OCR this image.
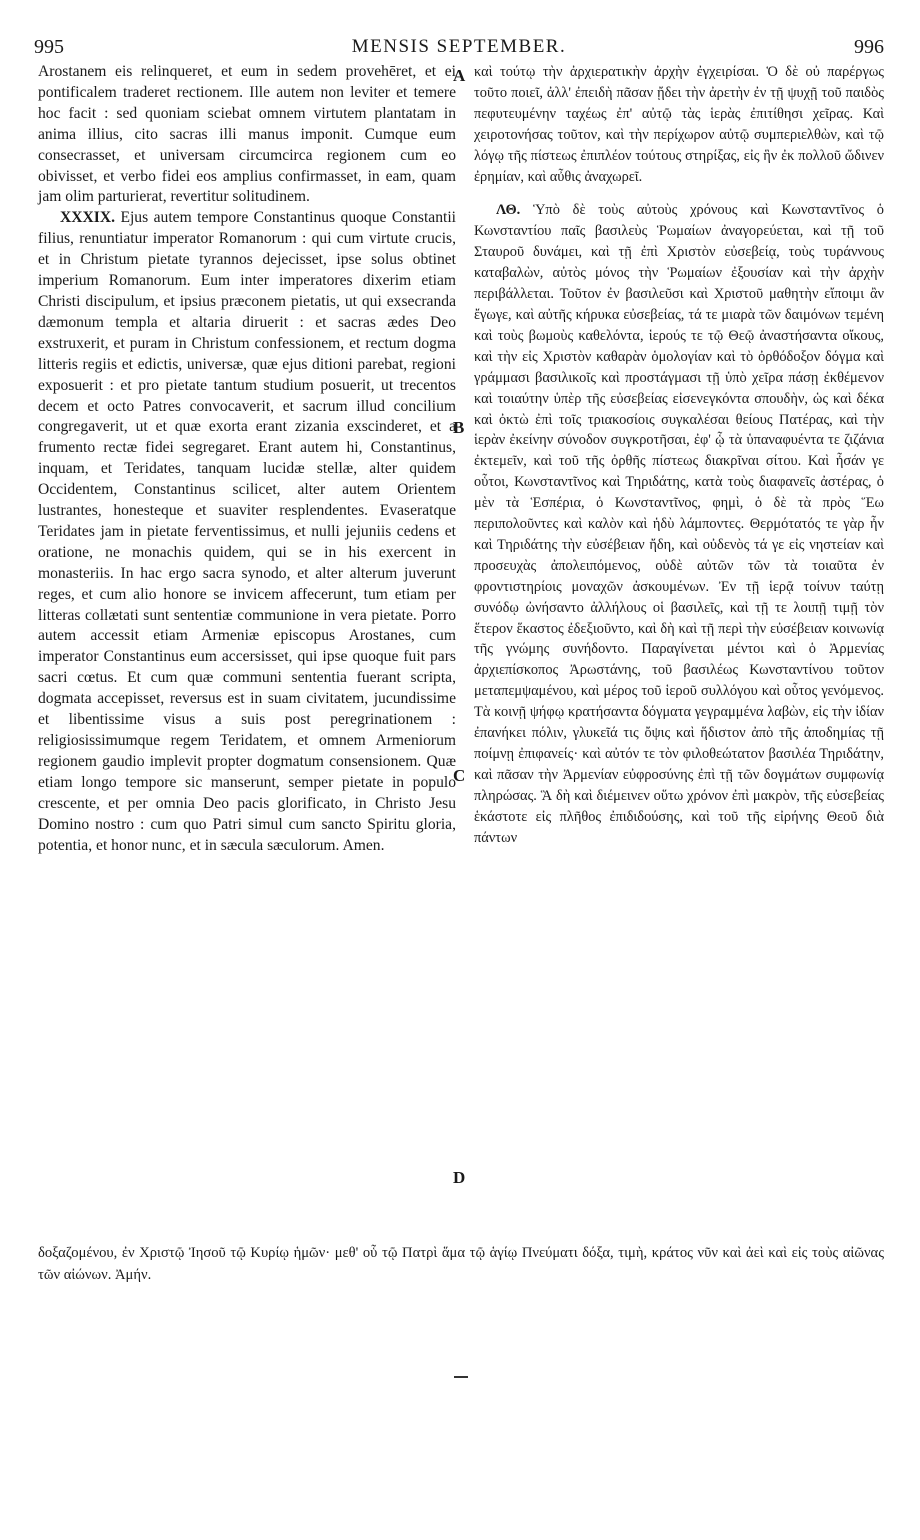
995	MENSIS SEPTEMBER.	996

Arostanem eis relinqueret, et eum in sedem provehēret, et ei pontificalem traderet rectionem. Ille autem non leviter et temere hoc facit : sed quoniam sciebat omnem virtutem plantatam in anima illius, cito sacras illi manus imponit. Cumque eum consecrasset, et universam circumcirca regionem cum eo obivisset, et verbo fidei eos amplius confirmasset, in eam, quam jam olim parturierat, revertitur solitudinem.

XXXIX. Ejus autem tempore Constantinus quoque Constantii filius, renuntiatur imperator Romanorum : qui cum virtute crucis, et in Christum pietate tyrannos dejecisset, ipse solus obtinet imperium Romanorum. Eum inter imperatores dixerim etiam Christi discipulum, et ipsius præconem pietatis, ut qui exsecranda dæmonum templa et altaria diruerit : et sacras ædes Deo exstruxerit, et puram in Christum confessionem, et rectum dogma litteris regiis et edictis, universæ, quæ ejus ditioni parebat, regioni exposuerit : et pro pietate tantum studium posuerit, ut trecentos decem et octo Patres convocaverit, et sacrum illud concilium congregaverit, ut et quæ exorta erant zizania exscinderet, et a frumento rectæ fidei segregaret. Erant autem hi, Constantinus, inquam, et Teridates, tanquam lucidæ stellæ, alter quidem Occidentem, Constantinus scilicet, alter autem Orientem lustrantes, honesteque et suaviter resplendentes. Evaseratque Teridates jam in pietate ferventissimus, et nulli jejuniis cedens et oratione, ne monachis quidem, qui se in his exercent in monasteriis. In hac ergo sacra synodo, et alter alterum juverunt reges, et cum alio honore se invicem affecerunt, tum etiam per litteras collætati sunt sententiæ communione in vera pietate. Porro autem accessit etiam Armeniæ episcopus Arostanes, cum imperator Constantinus eum accersisset, qui ipse quoque fuit pars sacri cœtus. Et cum quæ communi sententia fuerant scripta, dogmata accepisset, reversus est in suam civitatem, jucundissime et libentissime visus a suis post peregrinationem : religiosissimumque regem Teridatem, et omnem Armeniorum regionem gaudio implevit propter dogmatum consensionem. Quæ etiam longo tempore sic manserunt, semper pietate in populo crescente, et per omnia Deo pacis glorificato, in Christo Jesu Domino nostro : cum quo Patri simul cum sancto Spiritu gloria, potentia, et honor nunc, et in sæcula sæculorum. Amen.

A
B
C
D

καὶ τούτῳ τὴν ἀρχιερατικὴν ἀρχὴν ἐγχειρίσαι. Ὁ δὲ οὐ παρέργως τοῦτο ποιεῖ, ἀλλ' ἐπειδὴ πᾶσαν ᾔδει τὴν ἀρετὴν ἐν τῇ ψυχῇ τοῦ παιδὸς πεφυτευμένην ταχέως ἐπ' αὐτῷ τὰς ἱερὰς ἐπιτίθησι χεῖρας. Καὶ χειροτονήσας τοῦτον, καὶ τὴν περίχωρον αὐτῷ συμπεριελθὼν, καὶ τῷ λόγῳ τῆς πίστεως ἐπιπλέον τούτους στηρίξας, εἰς ἣν ἐκ πολλοῦ ὤδινεν ἐρημίαν, καὶ αὖθις ἀναχωρεῖ.

ΛΘ. Ὑπὸ δὲ τοὺς αὐτοὺς χρόνους καὶ Κωνσταντῖνος ὁ Κωνσταντίου παῖς βασιλεὺς Ῥωμαίων ἀναγορεύεται, καὶ τῇ τοῦ Σταυροῦ δυνάμει, καὶ τῇ ἐπὶ Χριστὸν εὐσεβείᾳ, τοὺς τυράννους καταβαλὼν, αὐτὸς μόνος τὴν Ῥωμαίων ἐξουσίαν καὶ τὴν ἀρχὴν περιβάλλεται. Τοῦτον ἐν βασιλεῦσι καὶ Χριστοῦ μαθητὴν εἴποιμι ἂν ἔγωγε, καὶ αὐτῆς κήρυκα εὐσεβείας, τά τε μιαρὰ τῶν δαιμόνων τεμένη καὶ τοὺς βωμοὺς καθελόντα, ἱερούς τε τῷ Θεῷ ἀναστήσαντα οἴκους, καὶ τὴν εἰς Χριστὸν καθαρὰν ὁμολογίαν καὶ τὸ ὀρθόδοξον δόγμα καὶ γράμμασι βασιλικοῖς καὶ προστάγμασι τῇ ὑπὸ χεῖρα πάσῃ ἐκθέμενον καὶ τοιαύτην ὑπὲρ τῆς εὐσεβείας εἰσενεγκόντα σπουδὴν, ὡς καὶ δέκα καὶ ὀκτὼ ἐπὶ τοῖς τριακοσίοις συγκαλέσαι θείους Πατέρας, καὶ τὴν ἱερὰν ἐκείνην σύνοδον συγκροτῆσαι, ἐφ' ᾧ τὰ ὑπαναφυέντα τε ζιζάνια ἐκτεμεῖν, καὶ τοῦ τῆς ὀρθῆς πίστεως διακρῖναι σίτου. Καὶ ἦσάν γε οὗτοι, Κωνσταντῖνος καὶ Τηριδάτης, κατὰ τοὺς διαφανεῖς ἀστέρας, ὁ μὲν τὰ Ἑσπέρια, ὁ Κωνσταντῖνος, φημὶ, ὁ δὲ τὰ πρὸς Ἕω περιπολοῦντες καὶ καλὸν καὶ ἡδὺ λάμποντες. Θερμότατός τε γὰρ ἦν καὶ Τηριδάτης τὴν εὐσέβειαν ἤδη, καὶ οὐδενὸς τά γε εἰς νηστείαν καὶ προσευχὰς ἀπολειπόμενος, οὐδὲ αὐτῶν τῶν τὰ τοιαῦτα ἐν φροντιστηρίοις μοναχῶν ἀσκουμένων. Ἐν τῇ ἱερᾷ τοίνυν ταύτῃ συνόδῳ ὠνήσαντο ἀλλήλους οἱ βασιλεῖς, καὶ τῇ τε λοιπῇ τιμῇ τὸν ἕτερον ἕκαστος ἐδεξιοῦντο, καὶ δὴ καὶ τῇ περὶ τὴν εὐσέβειαν κοινωνίᾳ τῆς γνώμης συνήδοντο. Παραγίνεται μέντοι καὶ ὁ Ἀρμενίας ἀρχιεπίσκοπος Ἀρωστάνης, τοῦ βασιλέως Κωνσταντίνου τοῦτον μεταπεμψαμένου, καὶ μέρος τοῦ ἱεροῦ συλλόγου καὶ οὗτος γενόμενος. Τὰ κοινῇ ψήφῳ κρατήσαντα δόγματα γεγραμμένα λαβὼν, εἰς τὴν ἰδίαν ἐπανήκει πόλιν, γλυκεῖά τις ὄψις καὶ ἥδιστον ἀπὸ τῆς ἀποδημίας τῇ ποίμνῃ ἐπιφανείς· καὶ αὐτόν τε τὸν φιλοθεώτατον βασιλέα Τηριδάτην, καὶ πᾶσαν τὴν Ἀρμενίαν εὐφροσύνης ἐπὶ τῇ τῶν δογμάτων συμφωνίᾳ πληρώσας. Ἃ δὴ καὶ διέμεινεν οὕτω χρόνον ἐπὶ μακρὸν, τῆς εὐσεβείας ἑκάστοτε εἰς πλῆθος ἐπιδιδούσης, καὶ τοῦ τῆς εἰρήνης Θεοῦ διὰ πάντων

δοξαζομένου, ἐν Χριστῷ Ἰησοῦ τῷ Κυρίῳ ἡμῶν· μεθ' οὗ τῷ Πατρὶ ἅμα τῷ ἁγίῳ Πνεύματι δόξα, τιμὴ, κράτος νῦν καὶ ἀεὶ καὶ εἰς τοὺς αἰῶνας τῶν αἰώνων. Ἀμήν.
